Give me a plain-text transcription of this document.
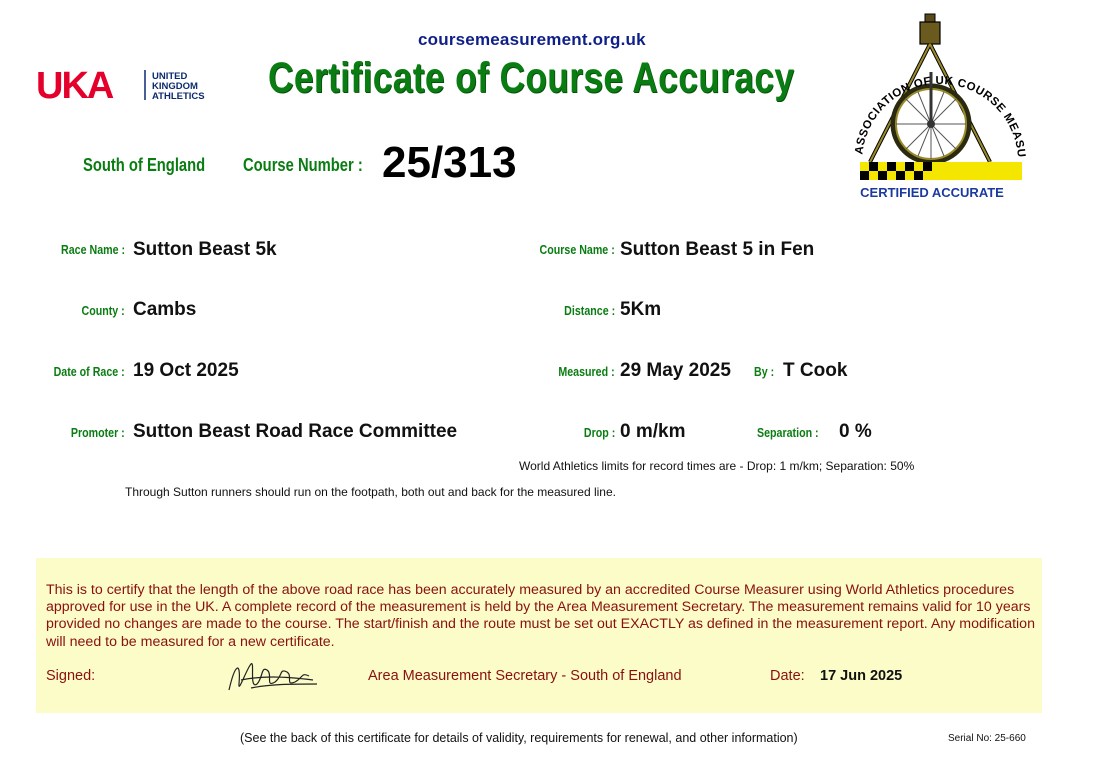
coursemeasurement.org.uk
Certificate of Course Accuracy
UKA	UNITED
KINGDOM
ATHLETICS
ASSOCIATION OF UK COURSE MEASU
CERTIFIED ACCURATE
South of England Course Number : 25/313
Race Name : Sutton Beast 5k
County : Cambs
Date of Race : 19 Oct 2025
Promoter : Sutton Beast Road Race Committee
Course Name : Sutton Beast 5 in Fen
Distance : 5Km
Measured : 29 May 2025 By : T Cook
Drop : 0 m/km	Separation : 0 %
World Athletics limits for record times are - Drop: 1 m/km; Separation: 50%
Through Sutton runners should run on the footpath, both out and back for the measured line.
This is to certify that the length of the above road race has been accurately measured by an accredited Course Measurer using World Athletics procedures approved for use in the UK. A complete record of the measurement is held by the Area Measurement Secretary. The measurement remains valid for 10 years provided no changes are made to the course. The start/finish and the route must be set out EXACTLY as defined in the measurement report. Any modification will need to be measured for a new certificate.
Signed:	Area Measurement Secretary - South of England	Date: 17 Jun 2025
(See the back of this certificate for details of validity, requirements for renewal, and other information)	Serial No: 25-660
